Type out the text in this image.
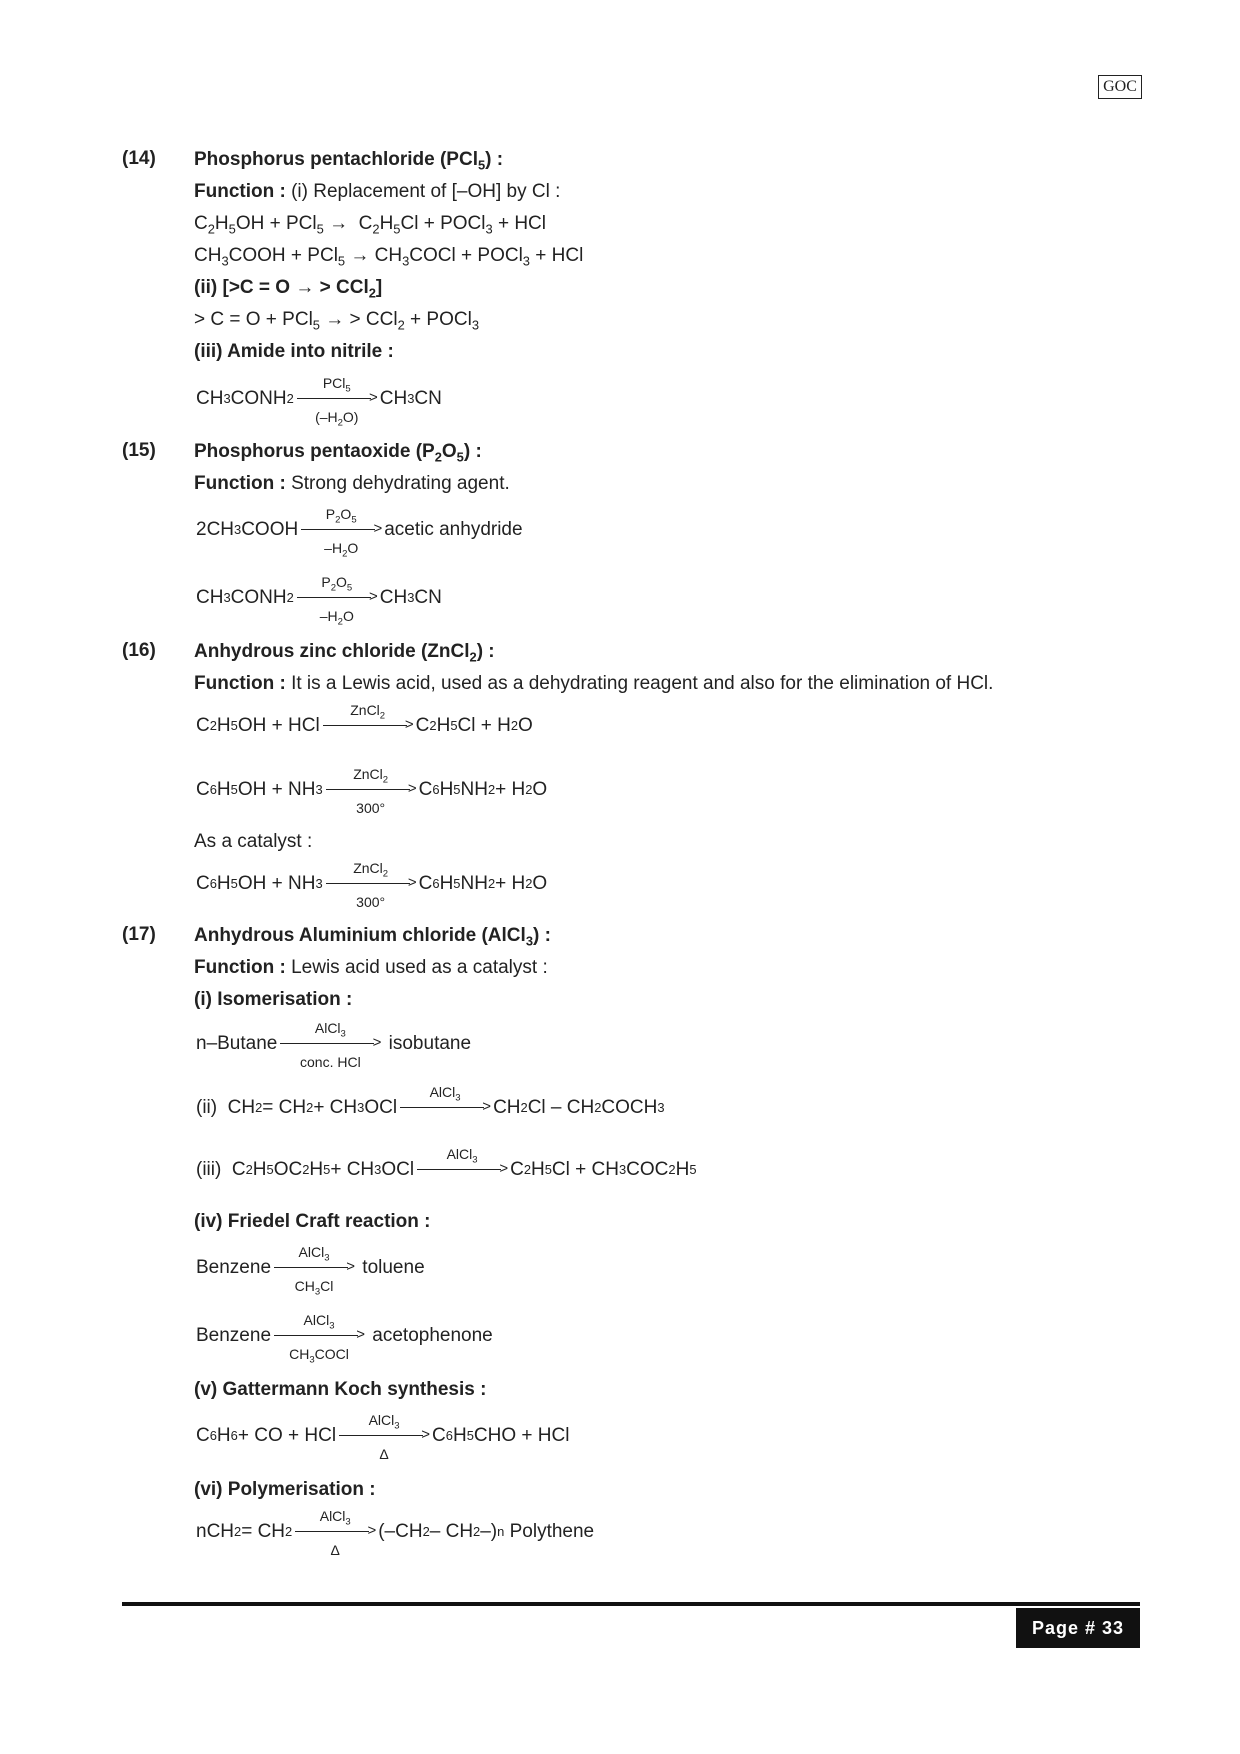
GOC
(14) Phosphorus pentachloride (PCl$_5$) :
Function : (i) Replacement of [–OH] by Cl :
$C_2H_5OH + PCl_5 \to C_2H_5Cl$ + POCl$_3$ + HCl
$CH_3COOH + PCl_5$ → $CH_3COCl$ + POCl$_3$ + HCl
(ii) [>C = O → > CCl$_2$]
> C = O + PCl$_5$ → > CCl$_2$ + POCl$_3$
(iii) Amide into nitrile :
CH 3 CONH 2
PCl$_5$
>
$(-H_2O)$
CH 3 CN
(15) Phosphorus pentaoxide $(P_2O_5)$ :
Function : Strong dehydrating agent.
2CH 3 COOH
$P_2O_5$
>
$-H_2O$
acetic anhydride
CH 3 CONH 2
$P_2O_5$
>
$-H_2O$
CH 3 CN
(16) Anhydrous zinc chloride (ZnCl$_2$) :
Function : It is a Lewis acid, used as a dehydrating reagent and also for the elimination of HCl.
C 2 H 5 OH + HCl
ZnCl$_2$
> C 2 H 5 Cl + H 2 O
C 6 H 5 OH + NH 3
ZnCl$_2$
>
300°
C 6 H 5 NH 2 + H 2 O
As a catalyst :
C 6 H 5 OH + NH 3
ZnCl$_2$
>
300°
C 6 H 5 NH 2 + H 2 O
(17) Anhydrous Aluminium chloride (AlCl$_3$) :
Function : Lewis acid used as a catalyst :
(i) Isomerisation :
n–Butane
AlCl$_3$
>
conc. HCl

isobutane
(ii)  CH 2 = CH 2 + CH 3 OCl
AlCl$_3$
> CH 2 Cl – CH 2 COCH 3
(iii)  C 2 H 5 OC 2 H 5 + CH 3 OCl
AlCl$_3$
> C 2 H 5 Cl + CH 3 COC 2 H 5
(iv) Friedel Craft reaction :
Benzene
AlCl$_3$
>
$CH_3Cl$

toluene
Benzene
AlCl$_3$
>
$CH_3COCl$

acetophenone
(v) Gattermann Koch synthesis :
C 6 H 6 + CO + HCl
AlCl$_3$
>
Δ
C 6 H 5 CHO + HCl
(vi) Polymerisation :
nCH 2 = CH 2
AlCl$_3$
>
Δ
(–CH 2 – CH 2 –) n
Polythene
Page # 33
